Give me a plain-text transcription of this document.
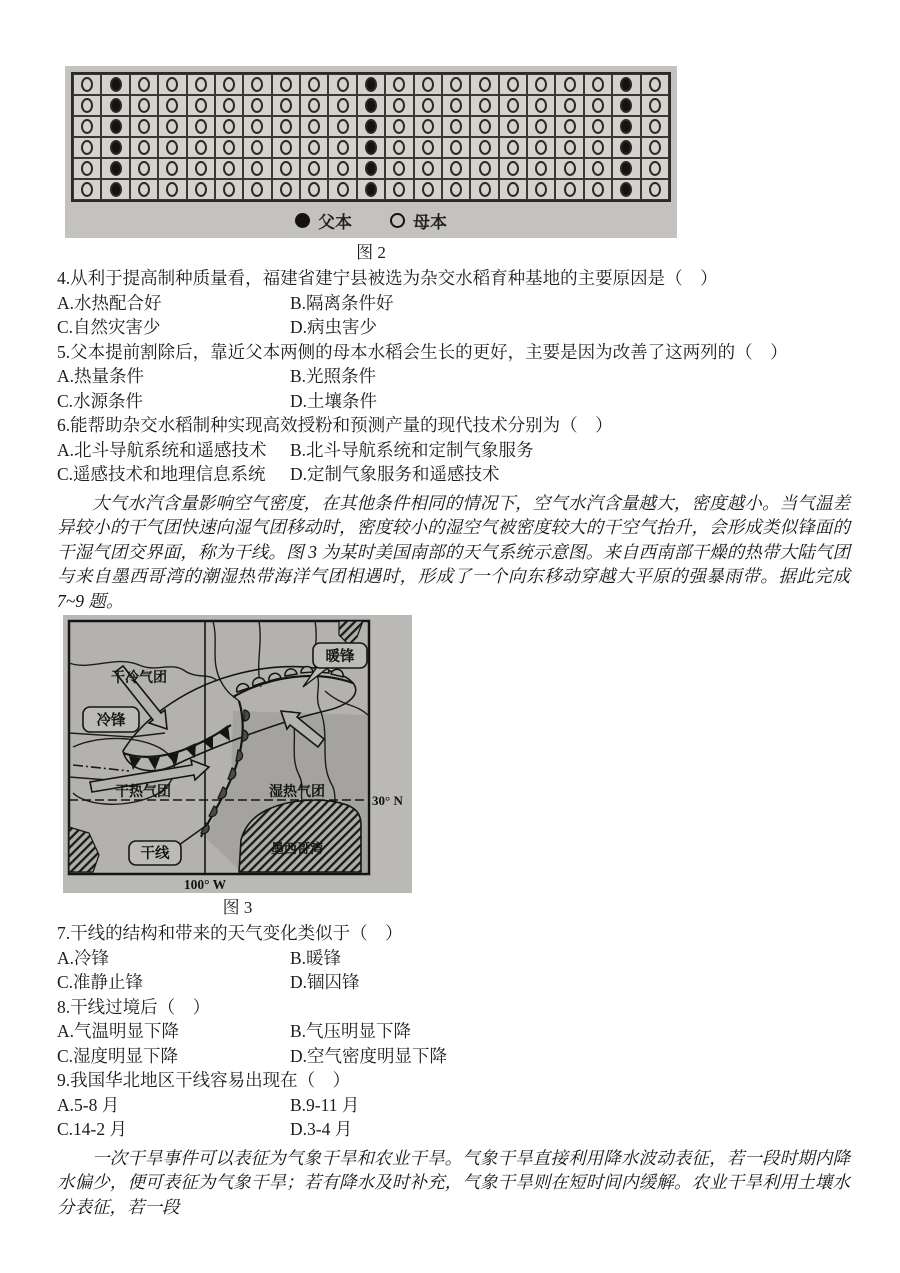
父本	母本
图 2
4.从利于提高制种质量看，福建省建宁县被选为杂交水稻育种基地的主要原因是（　）
A.水热配合好	B.隔离条件好
C.自然灾害少	D.病虫害少
5.父本提前割除后，靠近父本两侧的母本水稻会生长的更好，主要是因为改善了这两列的（　）
A.热量条件	B.光照条件
C.水源条件	D.土壤条件
6.能帮助杂交水稻制种实现高效授粉和预测产量的现代技术分别为（　）
A.北斗导航系统和遥感技术	B.北斗导航系统和定制气象服务
C.遥感技术和地理信息系统	D.定制气象服务和遥感技术

大气水汽含量影响空气密度，在其他条件相同的情况下，空气水汽含量越大，密度越小。当气温差异较小的干气团快速向湿气团移动时，密度较小的湿空气被密度较大的干空气抬升，会形成类似锋面的干湿气团交界面，称为干线。图 3 为某时美国南部的天气系统示意图。来自西南部干燥的热带大陆气团与来自墨西哥湾的潮湿热带海洋气团相遇时，形成了一个向东移动穿越大平原的强暴雨带。据此完成 7~9 题。

冷锋
暖锋
干线
干冷气团
干热气团	湿热气团
墨西哥湾
30° N
100° W
图 3
7.干线的结构和带来的天气变化类似于（　）
A.冷锋	B.暖锋
C.准静止锋	D.锢囚锋
8.干线过境后（　）
A.气温明显下降	B.气压明显下降
C.湿度明显下降	D.空气密度明显下降
9.我国华北地区干线容易出现在（　）
A.5-8 月	B.9-11 月
C.14-2 月	D.3-4 月

一次干旱事件可以表征为气象干旱和农业干旱。气象干旱直接利用降水波动表征，若一段时期内降水偏少，便可表征为气象干旱；若有降水及时补充，气象干旱则在短时间内缓解。农业干旱利用土壤水分表征，若一段
